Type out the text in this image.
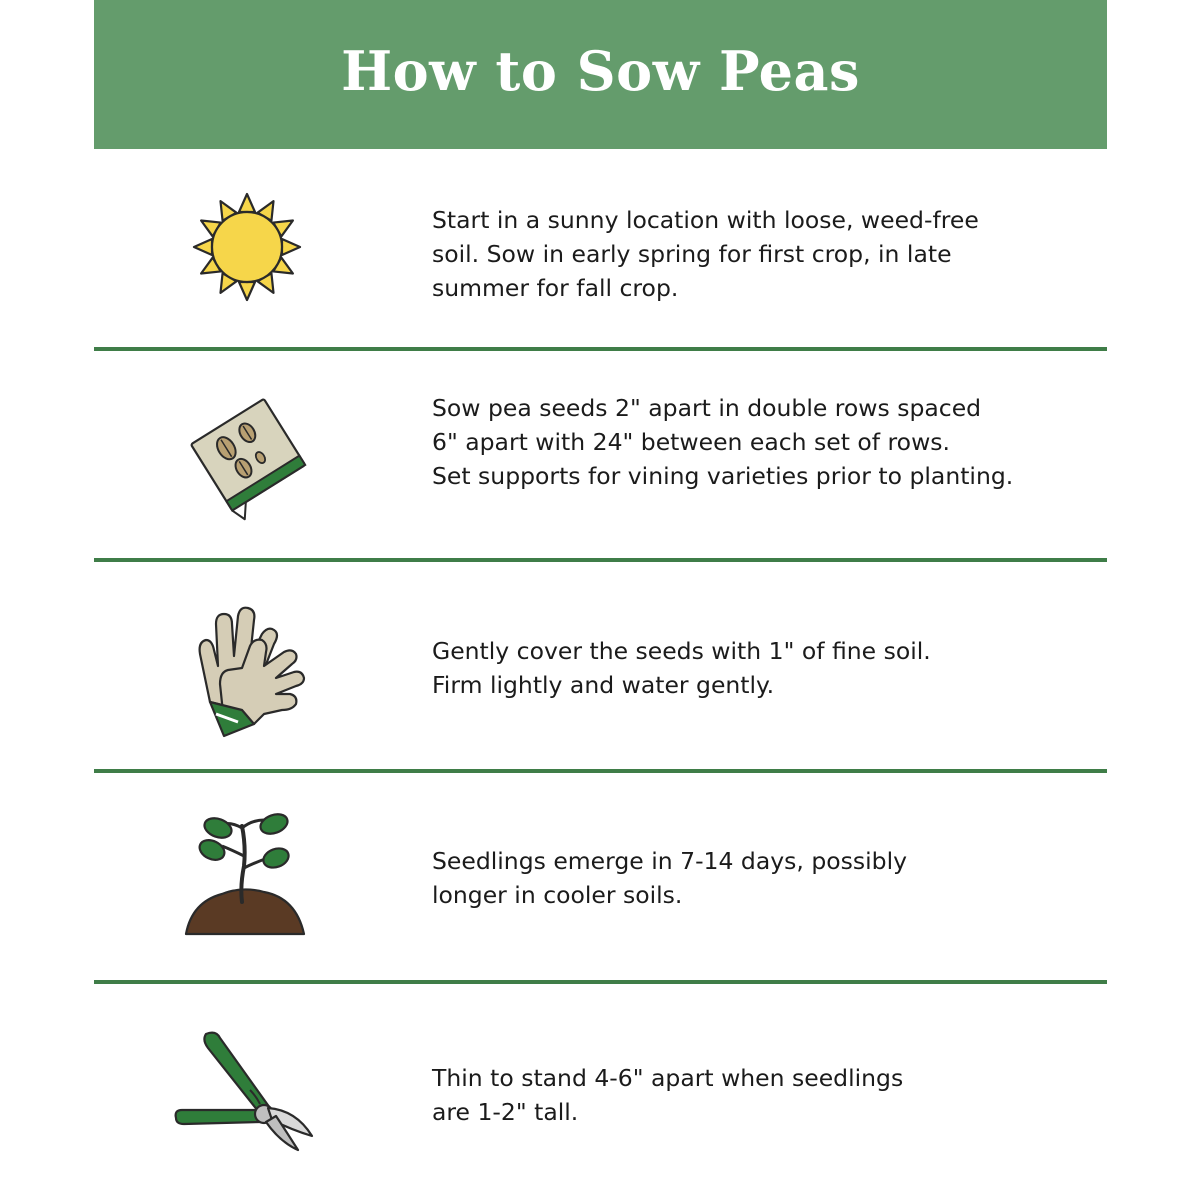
How to Sow Peas

Start in a sunny location with loose, weed-free
soil. Sow in early spring for first crop, in late
summer for fall crop.

Sow pea seeds 2" apart in double rows spaced
6" apart with 24" between each set of rows.
Set supports for vining varieties prior to planting.

Gently cover the seeds with 1" of fine soil.
Firm lightly and water gently.

Seedlings emerge in 7-14 days, possibly
longer in cooler soils.

Thin to stand 4-6" apart when seedlings
are 1-2" tall.
